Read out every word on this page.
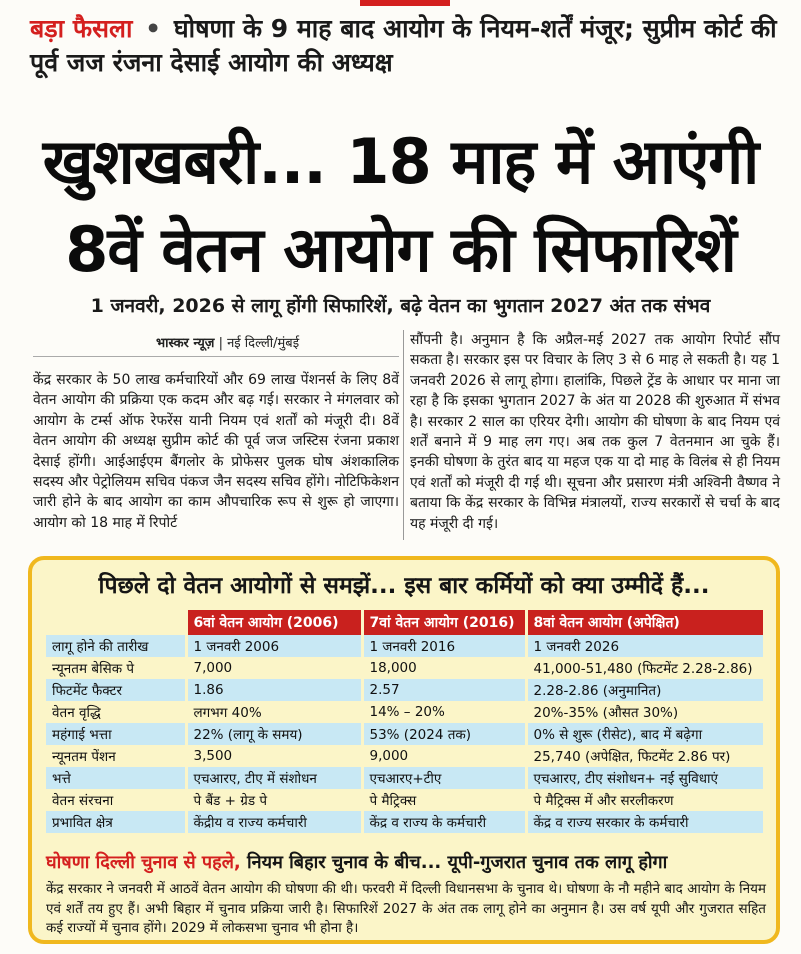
बड़ा फैसला • घोषणा के 9 माह बाद आयोग के नियम-शर्तें मंजूर; सुप्रीम कोर्ट की पूर्व जज रंजना देसाई आयोग की अध्यक्ष
खुशखबरी... 18 माह में आएंगी
8वें वेतन आयोग की सिफारिशें
1 जनवरी, 2026 से लागू होंगी सिफारिशें, बढ़े वेतन का भुगतान 2027 अंत तक संभव
भास्कर न्यूज़ | नई दिल्ली/मुंबई
केंद्र सरकार के 50 लाख कर्मचारियों और 69 लाख पेंशनर्स के लिए 8वें वेतन आयोग की प्रक्रिया एक कदम और बढ़ गई। सरकार ने मंगलवार को आयोग के टर्म्स ऑफ रेफरेंस यानी नियम एवं शर्तों को मंजूरी दी। 8वें वेतन आयोग की अध्यक्ष सुप्रीम कोर्ट की पूर्व जज जस्टिस रंजना प्रकाश देसाई होंगी। आईआईएम बैंगलोर के प्रोफेसर पुलक घोष अंशकालिक सदस्य और पेट्रोलियम सचिव पंकज जैन सदस्य सचिव होंगे। नोटिफिकेशन जारी होने के बाद आयोग का काम औपचारिक रूप से शुरू हो जाएगा। आयोग को 18 माह में रिपोर्ट
सौंपनी है। अनुमान है कि अप्रैल-मई 2027 तक आयोग रिपोर्ट सौंप सकता है। सरकार इस पर विचार के लिए 3 से 6 माह ले सकती है। यह 1 जनवरी 2026 से लागू होगा। हालांकि, पिछले ट्रेंड के आधार पर माना जा रहा है कि इसका भुगतान 2027 के अंत या 2028 की शुरुआत में संभव है। सरकार 2 साल का एरियर देगी। आयोग की घोषणा के बाद नियम एवं शर्तें बनाने में 9 माह लग गए। अब तक कुल 7 वेतनमान आ चुके हैं। इनकी घोषणा के तुरंत बाद या महज एक या दो माह के विलंब से ही नियम एवं शर्तों को मंजूरी दी गई थी। सूचना और प्रसारण मंत्री अश्विनी वैष्णव ने बताया कि केंद्र सरकार के विभिन्न मंत्रालयों, राज्य सरकारों से चर्चा के बाद यह मंजूरी दी गई।
पिछले दो वेतन आयोगों से समझें... इस बार कर्मियों को क्या उम्मीदें हैं...
	6वां वेतन आयोग (2006)	7वां वेतन आयोग (2016)	8वां वेतन आयोग (अपेक्षित)
लागू होने की तारीख	1 जनवरी 2006	1 जनवरी 2016	1 जनवरी 2026
न्यूनतम बेसिक पे	7,000	18,000	41,000-51,480 (फिटमेंट 2.28-2.86)
फिटमेंट फैक्टर	1.86	2.57	2.28-2.86 (अनुमानित)
वेतन वृद्धि	लगभग 40%	14% – 20%	20%-35% (औसत 30%)
महंगाई भत्ता	22% (लागू के समय)	53% (2024 तक)	0% से शुरू (रीसेट), बाद में बढ़ेगा
न्यूनतम पेंशन	3,500	9,000	25,740 (अपेक्षित, फिटमेंट 2.86 पर)
भत्ते	एचआरए, टीए में संशोधन	एचआरए+टीए	एचआरए, टीए संशोधन+ नई सुविधाएं
वेतन संरचना	पे बैंड + ग्रेड पे	पे मैट्रिक्स	पे मैट्रिक्स में और सरलीकरण
प्रभावित क्षेत्र	केंद्रीय व राज्य कर्मचारी	केंद्र व राज्य के कर्मचारी	केंद्र व राज्य सरकार के कर्मचारी
घोषणा दिल्ली चुनाव से पहले, नियम बिहार चुनाव के बीच... यूपी-गुजरात चुनाव तक लागू होगा
केंद्र सरकार ने जनवरी में आठवें वेतन आयोग की घोषणा की थी। फरवरी में दिल्ली विधानसभा के चुनाव थे। घोषणा के नौ महीने बाद आयोग के नियम एवं शर्तें तय हुए हैं। अभी बिहार में चुनाव प्रक्रिया जारी है। सिफारिशें 2027 के अंत तक लागू होने का अनुमान है। उस वर्ष यूपी और गुजरात सहित कई राज्यों में चुनाव होंगे। 2029 में लोकसभा चुनाव भी होना है।
